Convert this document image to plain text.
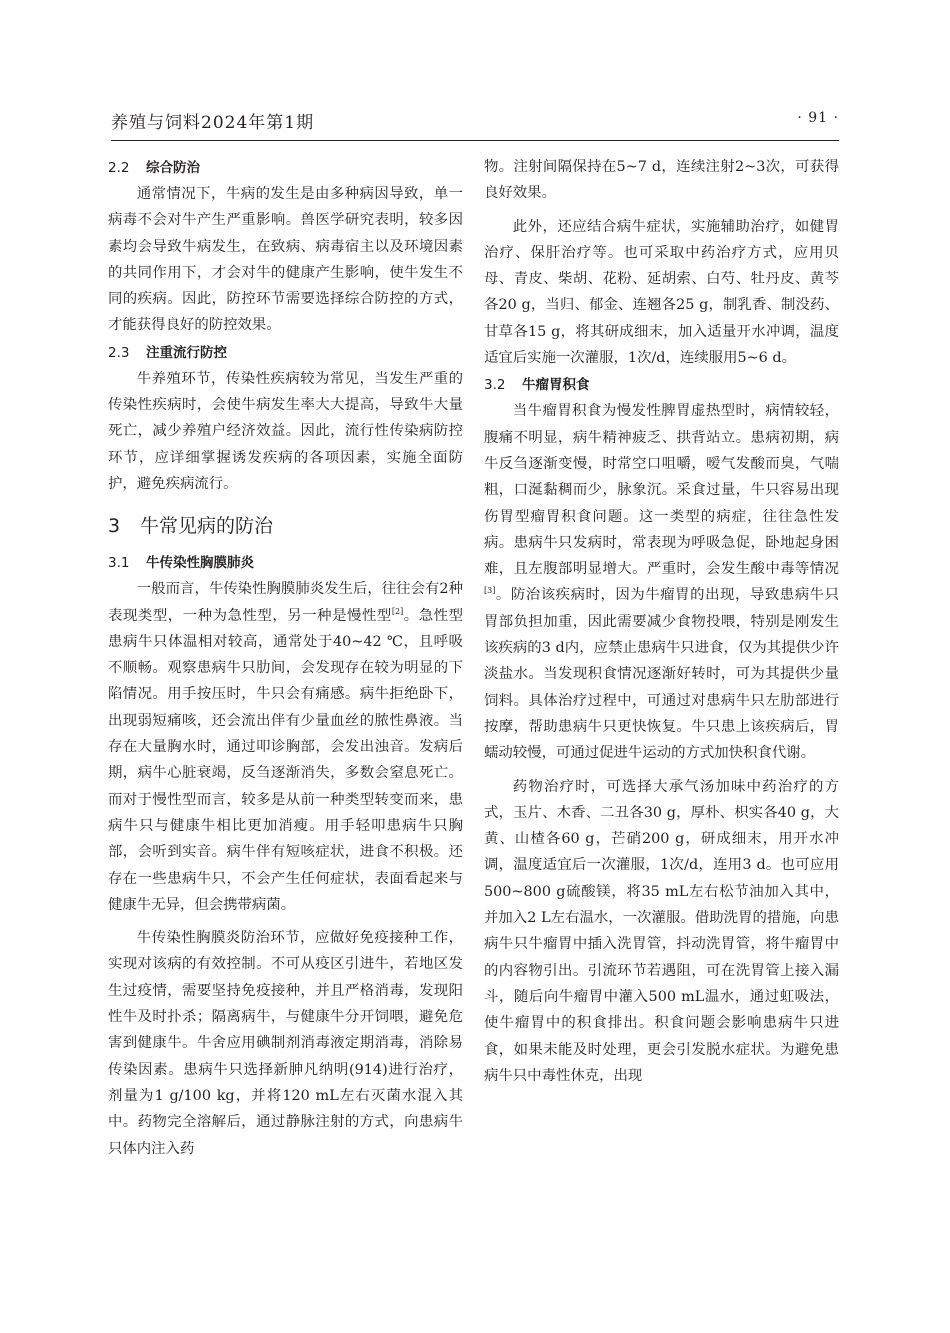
养殖与饲料2024年第1期	· 91 ·
2.2 综合防治

通常情况下，牛病的发生是由多种病因导致，单一病毒不会对牛产生严重影响。兽医学研究表明，较多因素均会导致牛病发生，在致病、病毒宿主以及环境因素的共同作用下，才会对牛的健康产生影响，使牛发生不同的疾病。因此，防控环节需要选择综合防控的方式，才能获得良好的防控效果。

2.3 注重流行防控

牛养殖环节，传染性疾病较为常见，当发生严重的传染性疾病时，会使牛病发生率大大提高，导致牛大量死亡，减少养殖户经济效益。因此，流行性传染病防控环节，应详细掌握诱发疾病的各项因素，实施全面防护，避免疾病流行。

3 牛常见病的防治
3.1 牛传染性胸膜肺炎

一般而言，牛传染性胸膜肺炎发生后，往往会有2种表现类型，一种为急性型，另一种是慢性型[2]。急性型患病牛只体温相对较高，通常处于40~42 ℃，且呼吸不顺畅。观察患病牛只肋间，会发现存在较为明显的下陷情况。用手按压时，牛只会有痛感。病牛拒绝卧下，出现弱短痛咳，还会流出伴有少量血丝的脓性鼻液。当存在大量胸水时，通过叩诊胸部，会发出浊音。发病后期，病牛心脏衰竭，反刍逐渐消失，多数会窒息死亡。而对于慢性型而言，较多是从前一种类型转变而来，患病牛只与健康牛相比更加消瘦。用手轻叩患病牛只胸部，会听到实音。病牛伴有短咳症状，进食不积极。还存在一些患病牛只，不会产生任何症状，表面看起来与健康牛无异，但会携带病菌。

牛传染性胸膜炎防治环节，应做好免疫接种工作，实现对该病的有效控制。不可从疫区引进牛，若地区发生过疫情，需要坚持免疫接种，并且严格消毒，发现阳性牛及时扑杀；隔离病牛，与健康牛分开饲喂，避免危害到健康牛。牛舍应用碘制剂消毒液定期消毒，消除易传染因素。患病牛只选择新胂凡纳明(914)进行治疗，剂量为1 g/100 kg，并将120 mL左右灭菌水混入其中。药物完全溶解后，通过静脉注射的方式，向患病牛只体内注入药

物。注射间隔保持在5~7 d，连续注射2~3次，可获得良好效果。

此外，还应结合病牛症状，实施辅助治疗，如健胃治疗、保肝治疗等。也可采取中药治疗方式，应用贝母、青皮、柴胡、花粉、延胡索、白芍、牡丹皮、黄芩各20 g，当归、郁金、连翘各25 g，制乳香、制没药、甘草各15 g，将其研成细末，加入适量开水冲调，温度适宜后实施一次灌服，1次/d，连续服用5~6 d。

3.2 牛瘤胃积食

当牛瘤胃积食为慢发性脾胃虚热型时，病情较轻，腹痛不明显，病牛精神疲乏、拱背站立。患病初期，病牛反刍逐渐变慢，时常空口咀嚼，嗳气发酸而臭，气喘粗，口涎黏稠而少，脉象沉。采食过量，牛只容易出现伤胃型瘤胃积食问题。这一类型的病症，往往急性发病。患病牛只发病时，常表现为呼吸急促，卧地起身困难，且左腹部明显增大。严重时，会发生酸中毒等情况[3]。防治该疾病时，因为牛瘤胃的出现，导致患病牛只胃部负担加重，因此需要减少食物投喂，特别是刚发生该疾病的3 d内，应禁止患病牛只进食，仅为其提供少许淡盐水。当发现积食情况逐渐好转时，可为其提供少量饲料。具体治疗过程中，可通过对患病牛只左肋部进行按摩，帮助患病牛只更快恢复。牛只患上该疾病后，胃蠕动较慢，可通过促进牛运动的方式加快积食代谢。

药物治疗时，可选择大承气汤加味中药治疗的方式，玉片、木香、二丑各30 g，厚朴、枳实各40 g，大黄、山楂各60 g，芒硝200 g，研成细末，用开水冲调，温度适宜后一次灌服，1次/d，连用3 d。也可应用500~800 g硫酸镁，将35 mL左右松节油加入其中，并加入2 L左右温水，一次灌服。借助洗胃的措施，向患病牛只牛瘤胃中插入洗胃管，抖动洗胃管，将牛瘤胃中的内容物引出。引流环节若遇阻，可在洗胃管上接入漏斗，随后向牛瘤胃中灌入500 mL温水，通过虹吸法，使牛瘤胃中的积食排出。积食问题会影响患病牛只进食，如果未能及时处理，更会引发脱水症状。为避免患病牛只中毒性休克，出现
